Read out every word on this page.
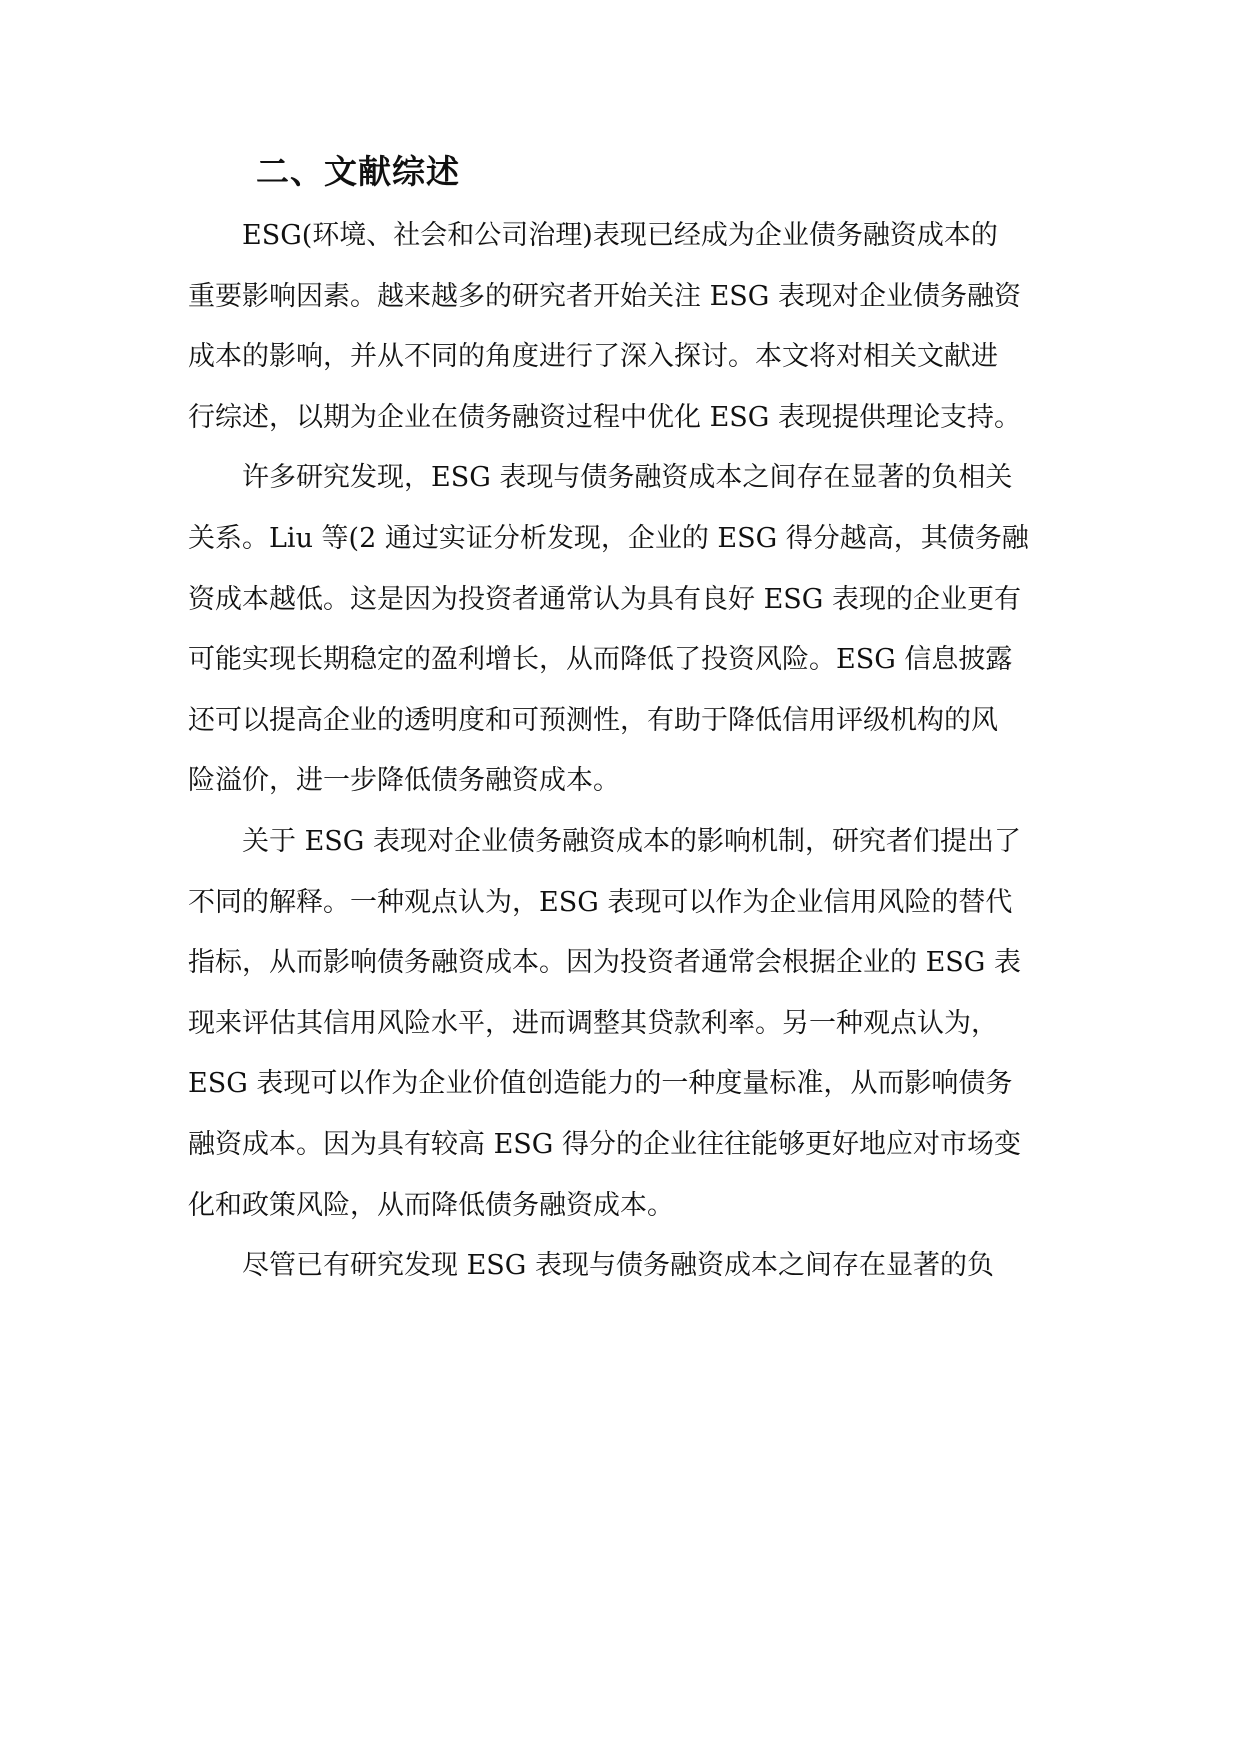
二、文献综述
ESG(环境、社会和公司治理)表现已经成为企业债务融资成本的
重要影响因素。越来越多的研究者开始关注 ESG 表现对企业债务融资
成本的影响，并从不同的角度进行了深入探讨。本文将对相关文献进
行综述，以期为企业在债务融资过程中优化 ESG 表现提供理论支持。
许多研究发现，ESG 表现与债务融资成本之间存在显著的负相关
关系。Liu 等(2 通过实证分析发现，企业的 ESG 得分越高，其债务融
资成本越低。这是因为投资者通常认为具有良好 ESG 表现的企业更有
可能实现长期稳定的盈利增长，从而降低了投资风险。ESG 信息披露
还可以提高企业的透明度和可预测性，有助于降低信用评级机构的风
险溢价，进一步降低债务融资成本。
关于 ESG 表现对企业债务融资成本的影响机制，研究者们提出了
不同的解释。一种观点认为，ESG 表现可以作为企业信用风险的替代
指标，从而影响债务融资成本。因为投资者通常会根据企业的 ESG 表
现来评估其信用风险水平，进而调整其贷款利率。另一种观点认为，
ESG 表现可以作为企业价值创造能力的一种度量标准，从而影响债务
融资成本。因为具有较高 ESG 得分的企业往往能够更好地应对市场变
化和政策风险，从而降低债务融资成本。
尽管已有研究发现 ESG 表现与债务融资成本之间存在显著的负
